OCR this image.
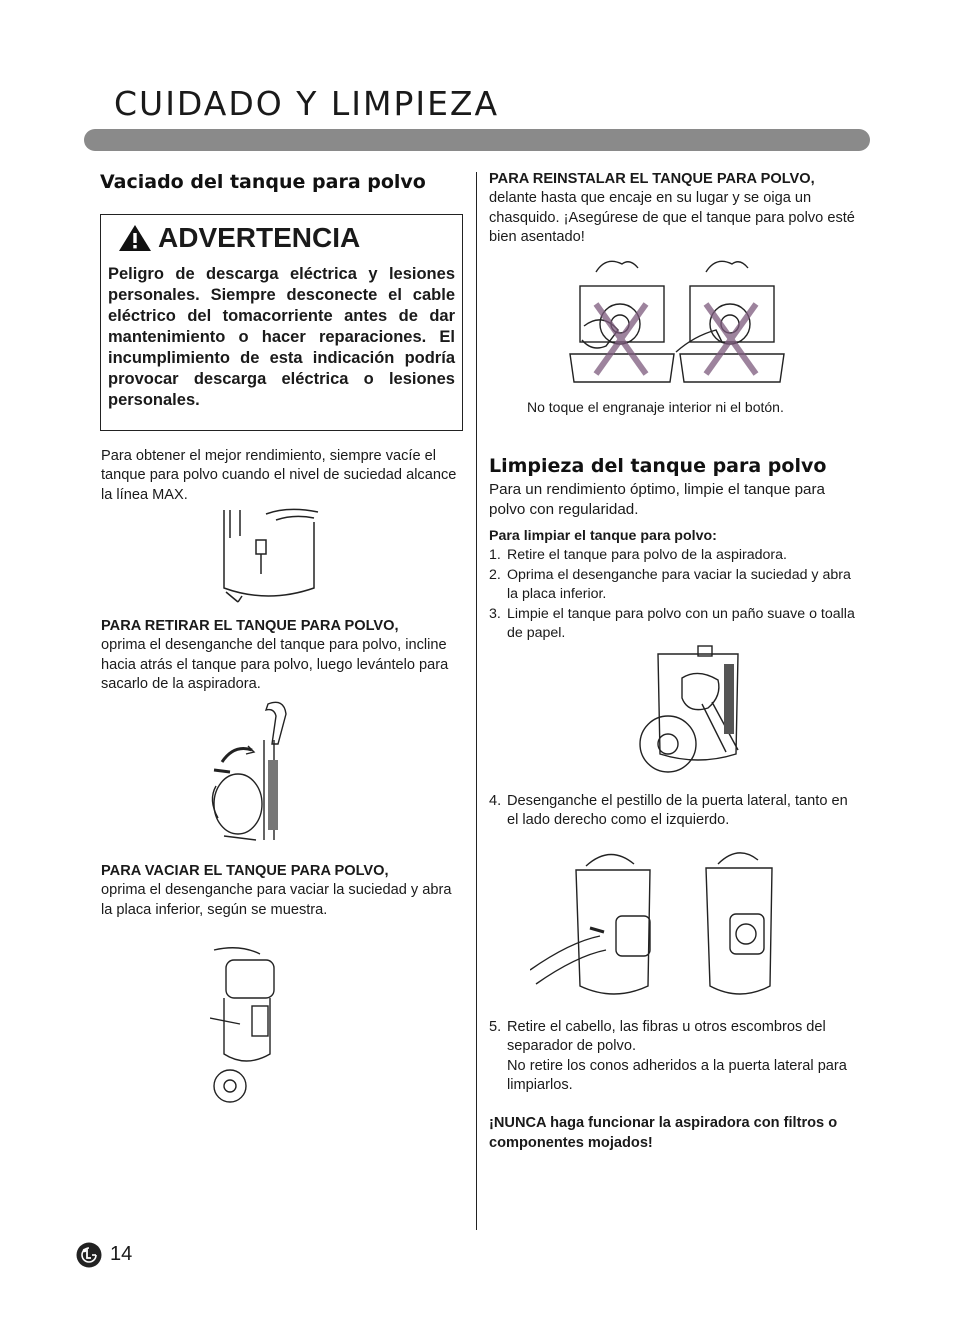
CUIDADO Y LIMPIEZA
Vaciado del tanque para polvo
ADVERTENCIA
Peligro de descarga eléctrica y lesiones personales. Siempre desconecte el cable eléctrico del tomacorriente antes de dar mantenimiento o hacer reparaciones. El incumplimiento de esta indicación podría provocar descarga eléctrica o lesiones personales.
Para obtener el mejor rendimiento, siempre vacíe el tanque para polvo cuando el nivel de suciedad alcance la línea MAX.
PARA RETIRAR EL TANQUE PARA POLVO,
oprima el desenganche del tanque para polvo, incline hacia atrás el tanque para polvo, luego levántelo para sacarlo de la aspiradora.
PARA VACIAR EL TANQUE PARA POLVO,
oprima el desenganche para vaciar la suciedad y abra la placa inferior, según se muestra.
PARA REINSTALAR EL TANQUE PARA POLVO,
delante hasta que encaje en su lugar y se oiga un chasquido. ¡Asegúrese de que el tanque para polvo esté bien asentado!
No toque el engranaje interior ni el botón.
Limpieza del tanque para polvo
Para un rendimiento óptimo, limpie el tanque para polvo con regularidad.
Para limpiar el tanque para polvo:
1. Retire el tanque para polvo de la aspiradora.
2. Oprima el desenganche para vaciar la suciedad y abra la placa inferior.
3. Limpie el tanque para polvo con un paño suave o toalla de papel.
4. Desenganche el pestillo de la puerta lateral, tanto en el lado derecho como el izquierdo.
5. Retire el cabello, las fibras u otros escombros del separador de polvo.
No retire los conos adheridos a la puerta lateral para limpiarlos.
¡NUNCA haga funcionar la aspiradora con filtros o componentes mojados!
14
